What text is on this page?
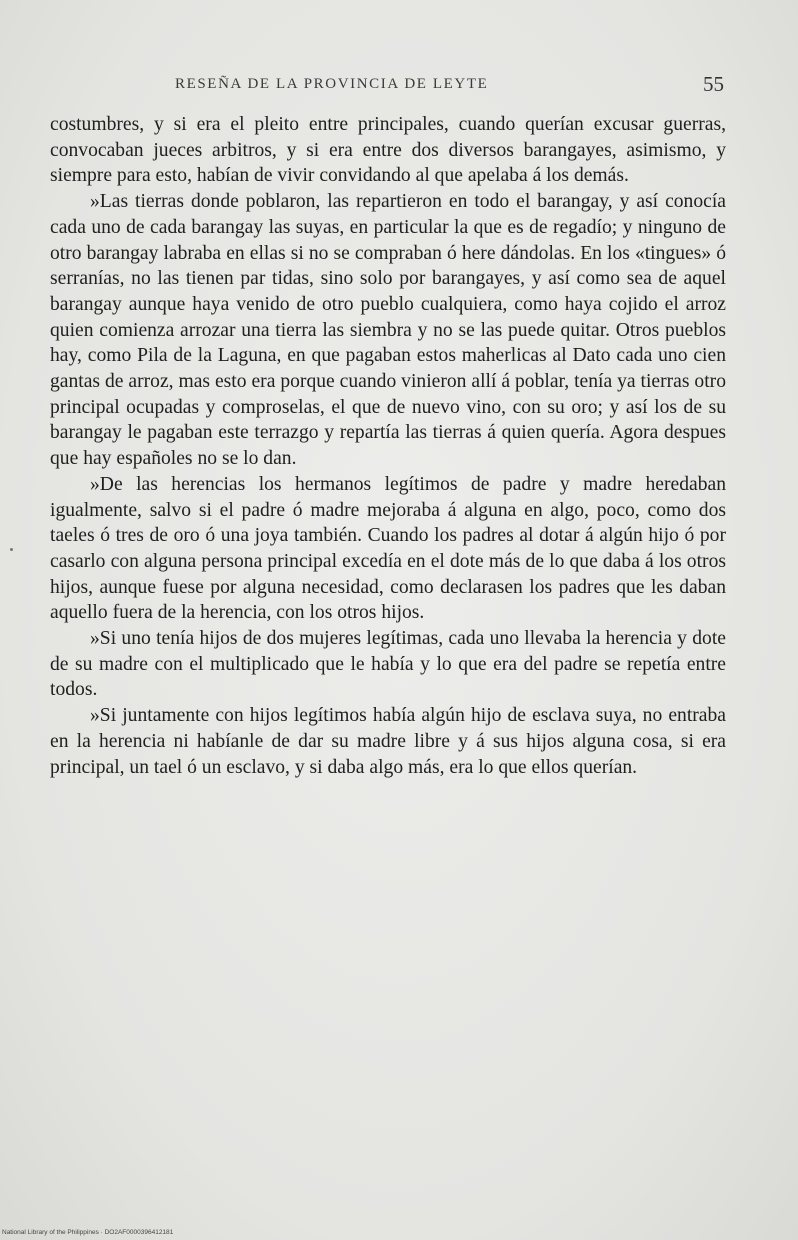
RESEÑA DE LA PROVINCIA DE LEYTE	55

costumbres, y si era el pleito entre principales, cuando querían excusar guerras, convocaban jueces arbitros, y si era entre dos diversos barangayes, asimismo, y siempre para esto, habían de vivir convidando al que apelaba á los demás.

»Las tierras donde poblaron, las repartieron en todo el barangay, y así conocía cada uno de cada barangay las suyas, en particular la que es de regadío; y ninguno de otro barangay labraba en ellas si no se compraban ó here dándolas. En los «tingues» ó serranías, no las tienen par tidas, sino solo por barangayes, y así como sea de aquel barangay aunque haya venido de otro pueblo cualquiera, como haya cojido el arroz quien comienza arrozar una tierra las siembra y no se las puede quitar. Otros pueblos hay, como Pila de la Laguna, en que pagaban estos maherlicas al Dato cada uno cien gantas de arroz, mas esto era porque cuando vinieron allí á poblar, tenía ya tierras otro principal ocupadas y comproselas, el que de nuevo vino, con su oro; y así los de su barangay le pagaban este terrazgo y repartía las tierras á quien quería. Agora despues que hay españoles no se lo dan.

»De las herencias los hermanos legítimos de padre y madre heredaban igualmente, salvo si el padre ó madre mejoraba á alguna en algo, poco, como dos taeles ó tres de oro ó una joya también. Cuando los padres al dotar á algún hijo ó por casarlo con alguna persona principal excedía en el dote más de lo que daba á los otros hijos, aunque fuese por alguna necesidad, como declarasen los padres que les daban aquello fuera de la herencia, con los otros hijos.

»Si uno tenía hijos de dos mujeres legítimas, cada uno llevaba la herencia y dote de su madre con el multiplicado que le había y lo que era del padre se repetía entre todos.

»Si juntamente con hijos legítimos había algún hijo de esclava suya, no entraba en la herencia ni habíanle de dar su madre libre y á sus hijos alguna cosa, si era principal, un tael ó un esclavo, y si daba algo más, era lo que ellos querían.

National Library of the Philippines · DO2AF0000396412181
